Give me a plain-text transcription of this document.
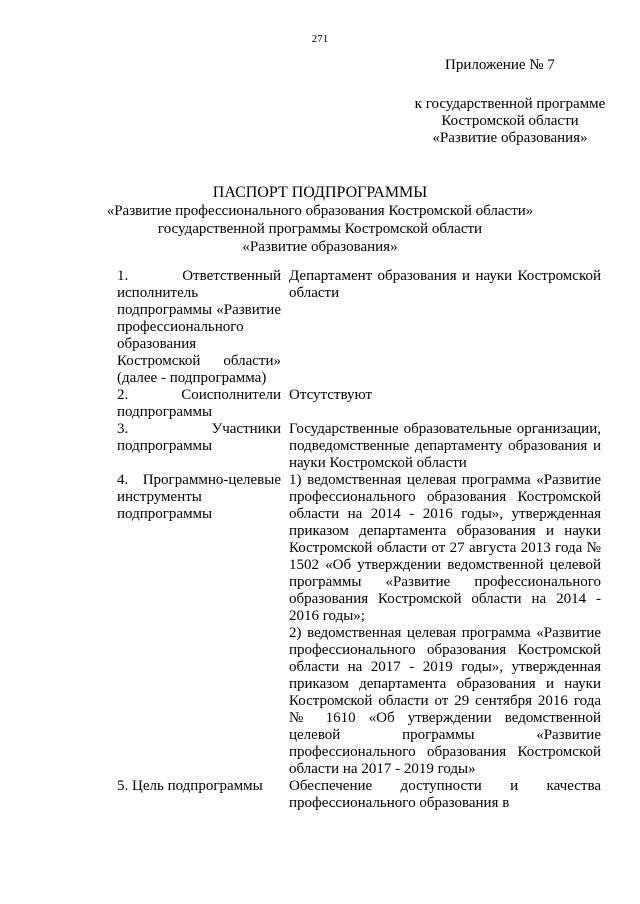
271
Приложение № 7
к государственной программе
Костромской области
«Развитие образования»
ПАСПОРТ ПОДПРОГРАММЫ
«Развитие профессионального образования Костромской области»
государственной программы Костромской области
«Развитие образования»
1. Ответственный исполнитель подпрограммы «Развитие профессионального образования Костромской области» (далее - подпрограмма)	Департамент образования и науки Костромской области
2. Соисполнители подпрограммы	Отсутствуют
3. Участники подпрограммы	Государственные образовательные организации, подведомственные департаменту образования и науки Костромской области
4. Программно-целевые инструменты подпрограммы	1) ведомственная целевая программа «Развитие профессионального образования Костромской области на 2014 - 2016 годы», утвержденная приказом департамента образования и науки Костромской области от 27 августа 2013 года № 1502 «Об утверждении ведомственной целевой программы «Развитие профессионального образования Костромской области на 2014 - 2016 годы»;
2) ведомственная целевая программа «Развитие профессионального образования Костромской области на 2017 - 2019 годы», утвержденная приказом департамента образования и науки Костромской области от 29 сентября 2016 года № 1610 «Об утверждении ведомственной целевой программы «Развитие профессионального образования Костромской области на 2017 - 2019 годы»

5. Цель подпрограммы	Обеспечение доступности и качества профессионального образования в
